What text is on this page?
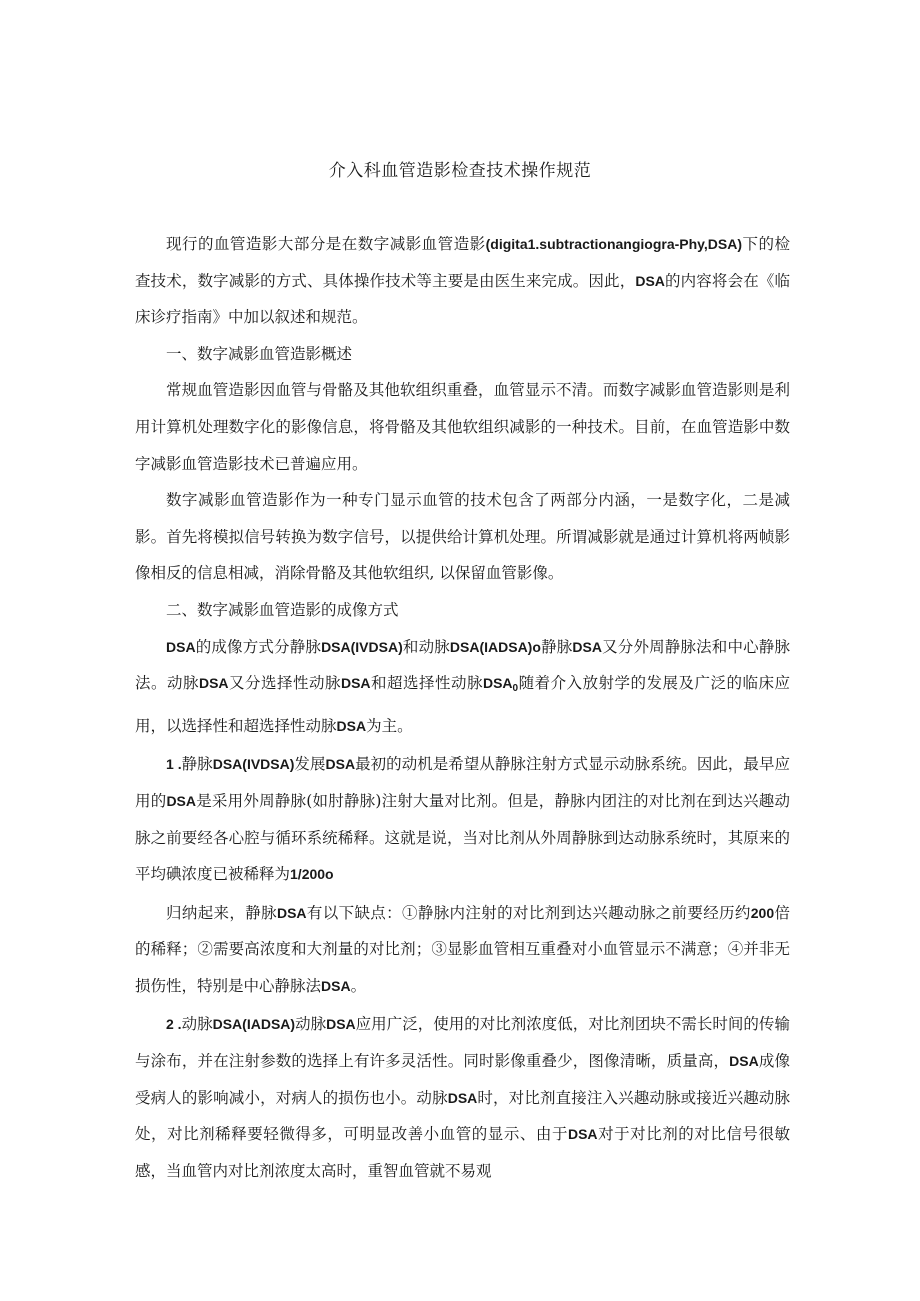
介入科血管造影检查技术操作规范

现行的血管造影大部分是在数字减影血管造影(digita1.subtractionangiogra-Phy,DSA)下的检查技术，数字减影的方式、具体操作技术等主要是由医生来完成。因此，DSA的内容将会在《临床诊疗指南》中加以叙述和规范。

一、数字减影血管造影概述

常规血管造影因血管与骨骼及其他软组织重叠，血管显示不清。而数字减影血管造影则是利用计算机处理数字化的影像信息，将骨骼及其他软组织减影的一种技术。目前，在血管造影中数字减影血管造影技术已普遍应用。

数字减影血管造影作为一种专门显示血管的技术包含了两部分内涵，一是数字化，二是减影。首先将模拟信号转换为数字信号，以提供给计算机处理。所谓减影就是通过计算机将两帧影像相反的信息相减，消除骨骼及其他软组织, 以保留血管影像。

二、数字减影血管造影的成像方式

DSA的成像方式分静脉DSA(IVDSA)和动脉DSA(IADSA)o静脉DSA又分外周静脉法和中心静脉法。动脉DSA又分选择性动脉DSA和超选择性动脉$DSA_0$随着介入放射学的发展及广泛的临床应用，以选择性和超选择性动脉DSA为主。

1 .静脉DSA(IVDSA)发展DSA最初的动机是希望从静脉注射方式显示动脉系统。因此，最早应用的DSA是采用外周静脉(如肘静脉)注射大量对比剂。但是，静脉内团注的对比剂在到达兴趣动脉之前要经各心腔与循环系统稀释。这就是说，当对比剂从外周静脉到达动脉系统时，其原来的平均碘浓度已被稀释为1/200o

归纳起来，静脉DSA有以下缺点：①静脉内注射的对比剂到达兴趣动脉之前要经历约200倍的稀释；②需要高浓度和大剂量的对比剂；③显影血管相互重叠对小血管显示不满意；④并非无损伤性，特别是中心静脉法DSA。

2 .动脉DSA(IADSA)动脉DSA应用广泛，使用的对比剂浓度低，对比剂团块不需长时间的传输与涂布，并在注射参数的选择上有许多灵活性。同时影像重叠少，图像清晰，质量高，DSA成像受病人的影响减小，对病人的损伤也小。动脉DSA时，对比剂直接注入兴趣动脉或接近兴趣动脉处，对比剂稀释要轻微得多，可明显改善小血管的显示、由于DSA对于对比剂的对比信号很敏感，当血管内对比剂浓度太高时，重智血管就不易观
